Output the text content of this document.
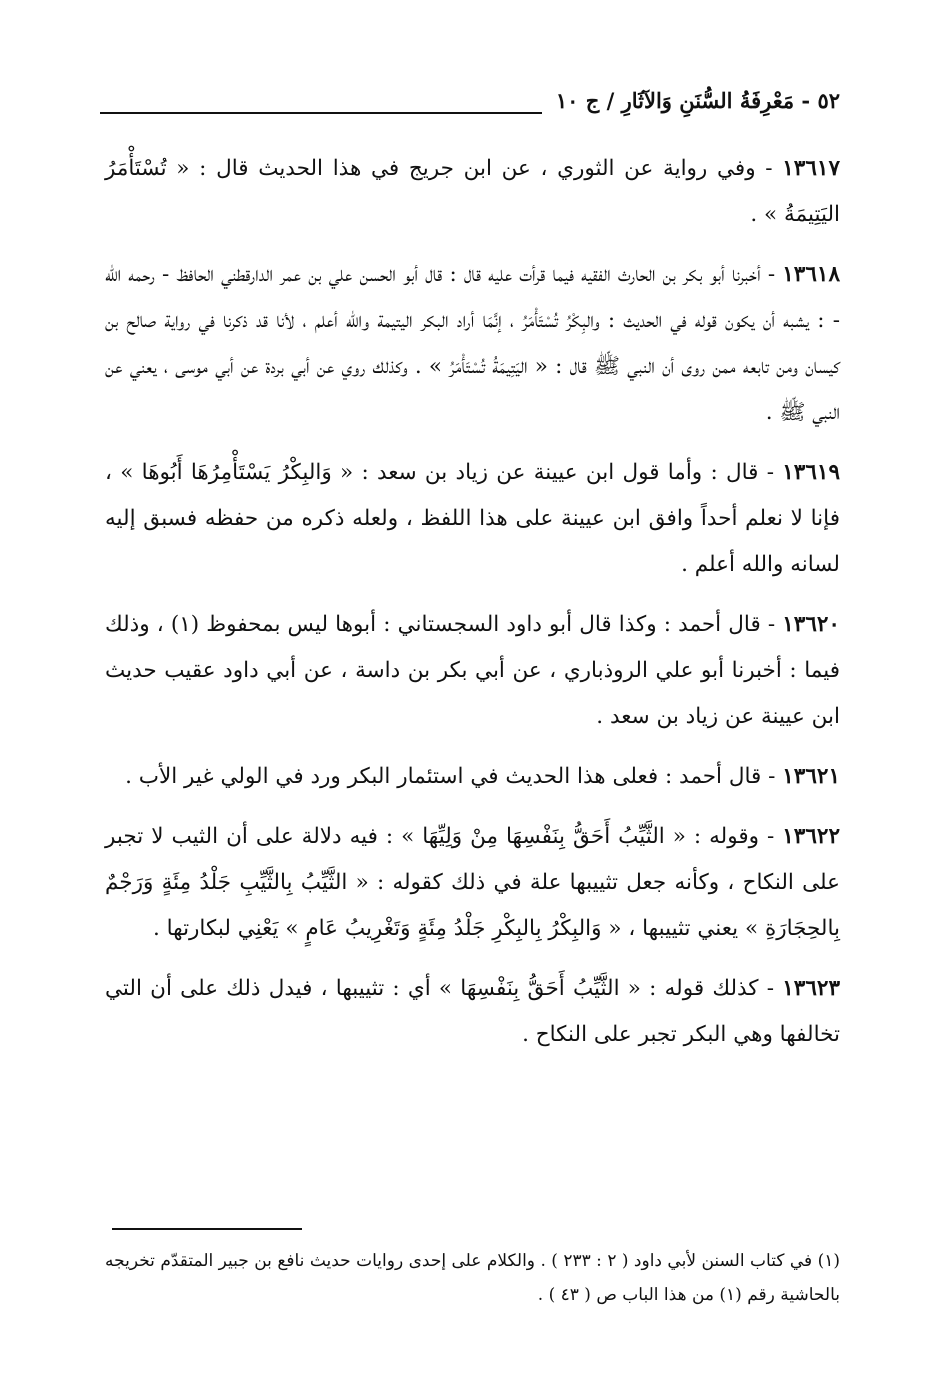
٥٢ - مَعْرِفَةُ السُّنَنِ وَالآثَارِ / ج ١٠

١٣٦١٧ - وفي رواية عن الثوري ، عن ابن جريج في هذا الحديث قال : « تُسْتَأْمَرُ اليَتِيمَةُ » .

١٣٦١٨ - أخبرنا أبو بكر بن الحارث الفقيه فيما قرأت عليه قال : قال أبو الحسن علي بن عمر الدارقطني الحافظ - رحمه الله - : يشبه أن يكون قوله في الحديث : والبِكْرُ تُسْتَأْمَرُ ، إنَّمَا أراد البكر اليتيمة والله أعلم ، لأنا قد ذكرنا في رواية صالح بن كيسان ومن تابعه ممن روى أن النبي ﷺ قال : « اليَتِيمَةُ تُسْتَأْمَرُ » . وكذلك روي عن أبي بردة عن أبي موسى ، يعني عن النبي ﷺ .

١٣٦١٩ - قال : وأما قول ابن عيينة عن زياد بن سعد : « وَالبِكْرُ يَسْتَأْمِرُهَا أَبُوهَا » ، فإنا لا نعلم أحداً وافق ابن عيينة على هذا اللفظ ، ولعله ذكره من حفظه فسبق إليه لسانه والله أعلم .

١٣٦٢٠ - قال أحمد : وكذا قال أبو داود السجستاني : أبوها ليس بمحفوظ (١) ، وذلك فيما : أخبرنا أبو علي الروذباري ، عن أبي بكر بن داسة ، عن أبي داود عقيب حديث ابن عيينة عن زياد بن سعد .

١٣٦٢١ - قال أحمد : فعلى هذا الحديث في استئمار البكر ورد في الولي غير الأب .

١٣٦٢٢ - وقوله : « الثَّيِّبُ أَحَقُّ بِنَفْسِهَا مِنْ وَلِيِّهَا » : فيه دلالة على أن الثيب لا تجبر على النكاح ، وكأنه جعل تثييبها علة في ذلك كقوله : « الثَّيِّبُ بِالثَّيِّبِ جَلْدُ مِئَةٍ وَرَجْمٌ بِالحِجَارَةِ » يعني تثييبها ، « وَالبِكْرُ بِالبِكْرِ جَلْدُ مِئَةٍ وَتَغْرِيبُ عَامٍ » يَعْنِي لبكارتها .

١٣٦٢٣ - كذلك قوله : « الثَّيِّبُ أَحَقُّ بِنَفْسِهَا » أي : تثييبها ، فيدل ذلك على أن التي تخالفها وهي البكر تجبر على النكاح .

(١) في كتاب السنن لأبي داود ( ٢ : ٢٣٣ ) . والكلام على إحدى روايات حديث نافع بن جبير المتقدّم تخريجه بالحاشية رقم (١) من هذا الباب ص ( ٤٣ ) .
